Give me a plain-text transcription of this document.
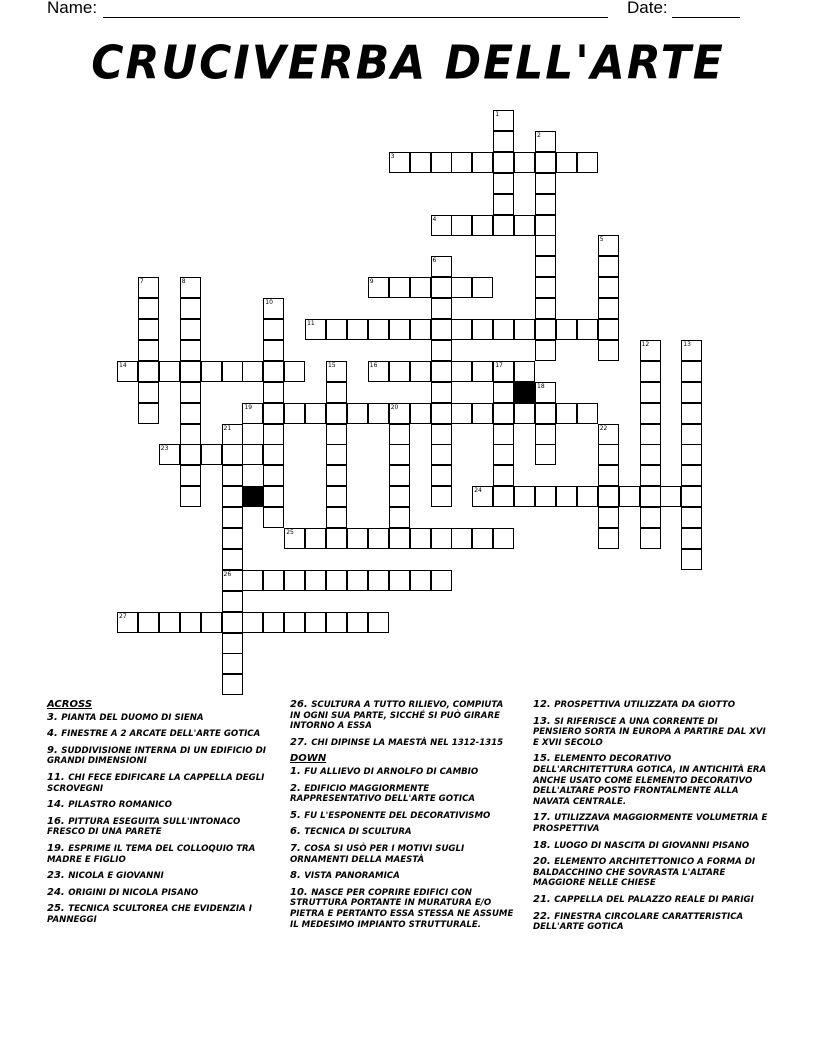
Name:	Date:
CRUCIVERBA DELL'ARTE
1
2
3
4
5
6
7	8	9
10
11
12	13
14	15	16	17
18
19	20
21	22
23
24
25
26
27
ACROSS
3. PIANTA DEL DUOMO DI SIENA
4. FINESTRE A 2 ARCATE DELL'ARTE GOTICA
9. SUDDIVISIONE INTERNA DI UN EDIFICIO DI GRANDI DIMENSIONI
11. CHI FECE EDIFICARE LA CAPPELLA DEGLI SCROVEGNI
14. PILASTRO ROMANICO
16. PITTURA ESEGUITA SULL'INTONACO FRESCO DI UNA PARETE
19. ESPRIME IL TEMA DEL COLLOQUIO TRA MADRE E FIGLIO
23. NICOLA E GIOVANNI
24. ORIGINI DI NICOLA PISANO
25. TECNICA SCULTOREA CHE EVIDENZIA I PANNEGGI
26. SCULTURA A TUTTO RILIEVO, COMPIUTA IN OGNI SUA PARTE, SICCHÉ SI PUÒ GIRARE INTORNO A ESSA
27. CHI DIPINSE LA MAESTÀ NEL 1312-1315
DOWN
1. FU ALLIEVO DI ARNOLFO DI CAMBIO
2. EDIFICIO MAGGIORMENTE RAPPRESENTATIVO DELL'ARTE GOTICA
5. FU L'ESPONENTE DEL DECORATIVISMO
6. TECNICA DI SCULTURA
7. COSA SI USÒ PER I MOTIVI SUGLI ORNAMENTI DELLA MAESTÀ
8. VISTA PANORAMICA
10. NASCE PER COPRIRE EDIFICI CON STRUTTURA PORTANTE IN MURATURA E/O PIETRA E PERTANTO ESSA STESSA NE ASSUME IL MEDESIMO IMPIANTO STRUTTURALE.
12. PROSPETTIVA UTILIZZATA DA GIOTTO
13. SI RIFERISCE A UNA CORRENTE DI PENSIERO SORTA IN EUROPA A PARTIRE DAL XVI E XVII SECOLO
15. ELEMENTO DECORATIVO DELL'ARCHITETTURA GOTICA, IN ANTICHITÀ ERA ANCHE USATO COME ELEMENTO DECORATIVO DELL'ALTARE POSTO FRONTALMENTE ALLA NAVATA CENTRALE.
17. UTILIZZAVA MAGGIORMENTE VOLUMETRIA E PROSPETTIVA
18. LUOGO DI NASCITA DI GIOVANNI PISANO
20. ELEMENTO ARCHITETTONICO A FORMA DI BALDACCHINO CHE SOVRASTA L'ALTARE MAGGIORE NELLE CHIESE
21. CAPPELLA DEL PALAZZO REALE DI PARIGI
22. FINESTRA CIRCOLARE CARATTERISTICA DELL'ARTE GOTICA
